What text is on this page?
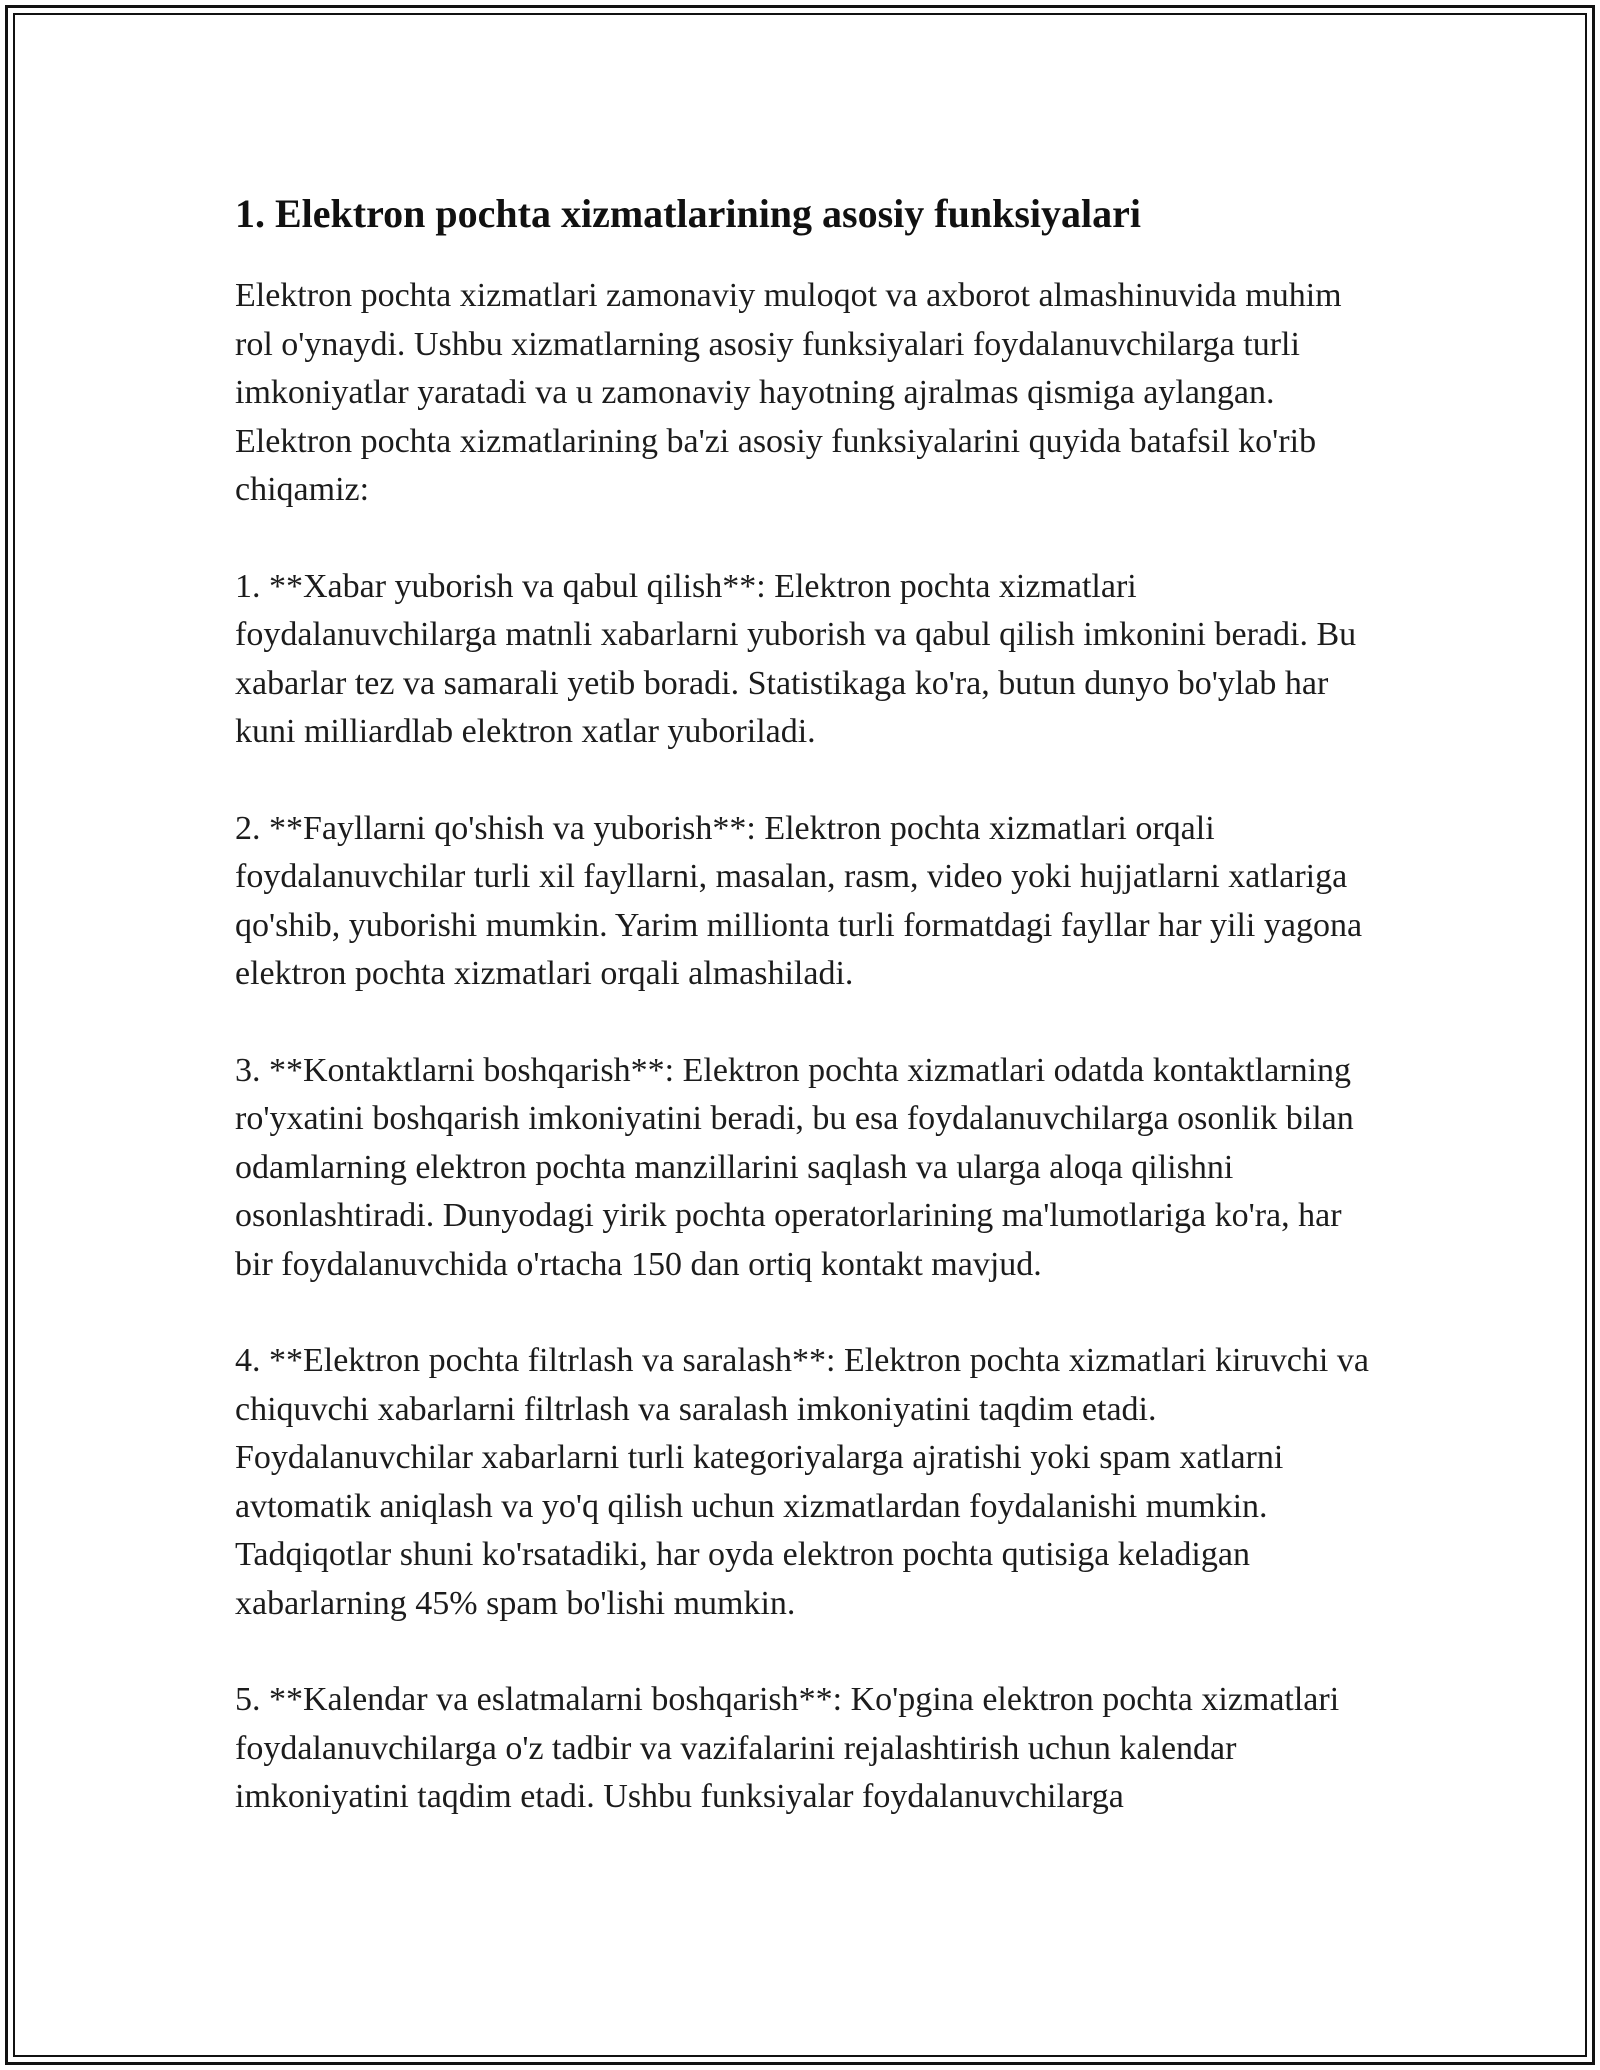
1. Elektron pochta xizmatlarining asosiy funksiyalari

Elektron pochta xizmatlari zamonaviy muloqot va axborot almashinuvida muhim rol o'ynaydi. Ushbu xizmatlarning asosiy funksiyalari foydalanuvchilarga turli imkoniyatlar yaratadi va u zamonaviy hayotning ajralmas qismiga aylangan. Elektron pochta xizmatlarining ba'zi asosiy funksiyalarini quyida batafsil ko'rib chiqamiz:

1. **Xabar yuborish va qabul qilish**: Elektron pochta xizmatlari foydalanuvchilarga matnli xabarlarni yuborish va qabul qilish imkonini beradi. Bu xabarlar tez va samarali yetib boradi. Statistikaga ko'ra, butun dunyo bo'ylab har kuni milliardlab elektron xatlar yuboriladi.

2. **Fayllarni qo'shish va yuborish**: Elektron pochta xizmatlari orqali foydalanuvchilar turli xil fayllarni, masalan, rasm, video yoki hujjatlarni xatlariga qo'shib, yuborishi mumkin. Yarim millionta turli formatdagi fayllar har yili yagona elektron pochta xizmatlari orqali almashiladi.

3. **Kontaktlarni boshqarish**: Elektron pochta xizmatlari odatda kontaktlarning ro'yxatini boshqarish imkoniyatini beradi, bu esa foydalanuvchilarga osonlik bilan odamlarning elektron pochta manzillarini saqlash va ularga aloqa qilishni osonlashtiradi. Dunyodagi yirik pochta operatorlarining ma'lumotlariga ko'ra, har bir foydalanuvchida o'rtacha 150 dan ortiq kontakt mavjud.

4. **Elektron pochta filtrlash va saralash**: Elektron pochta xizmatlari kiruvchi va chiquvchi xabarlarni filtrlash va saralash imkoniyatini taqdim etadi. Foydalanuvchilar xabarlarni turli kategoriyalarga ajratishi yoki spam xatlarni avtomatik aniqlash va yo'q qilish uchun xizmatlardan foydalanishi mumkin. Tadqiqotlar shuni ko'rsatadiki, har oyda elektron pochta qutisiga keladigan xabarlarning 45% spam bo'lishi mumkin.

5. **Kalendar va eslatmalarni boshqarish**: Ko'pgina elektron pochta xizmatlari foydalanuvchilarga o'z tadbir va vazifalarini rejalashtirish uchun kalendar imkoniyatini taqdim etadi. Ushbu funksiyalar foydalanuvchilarga
